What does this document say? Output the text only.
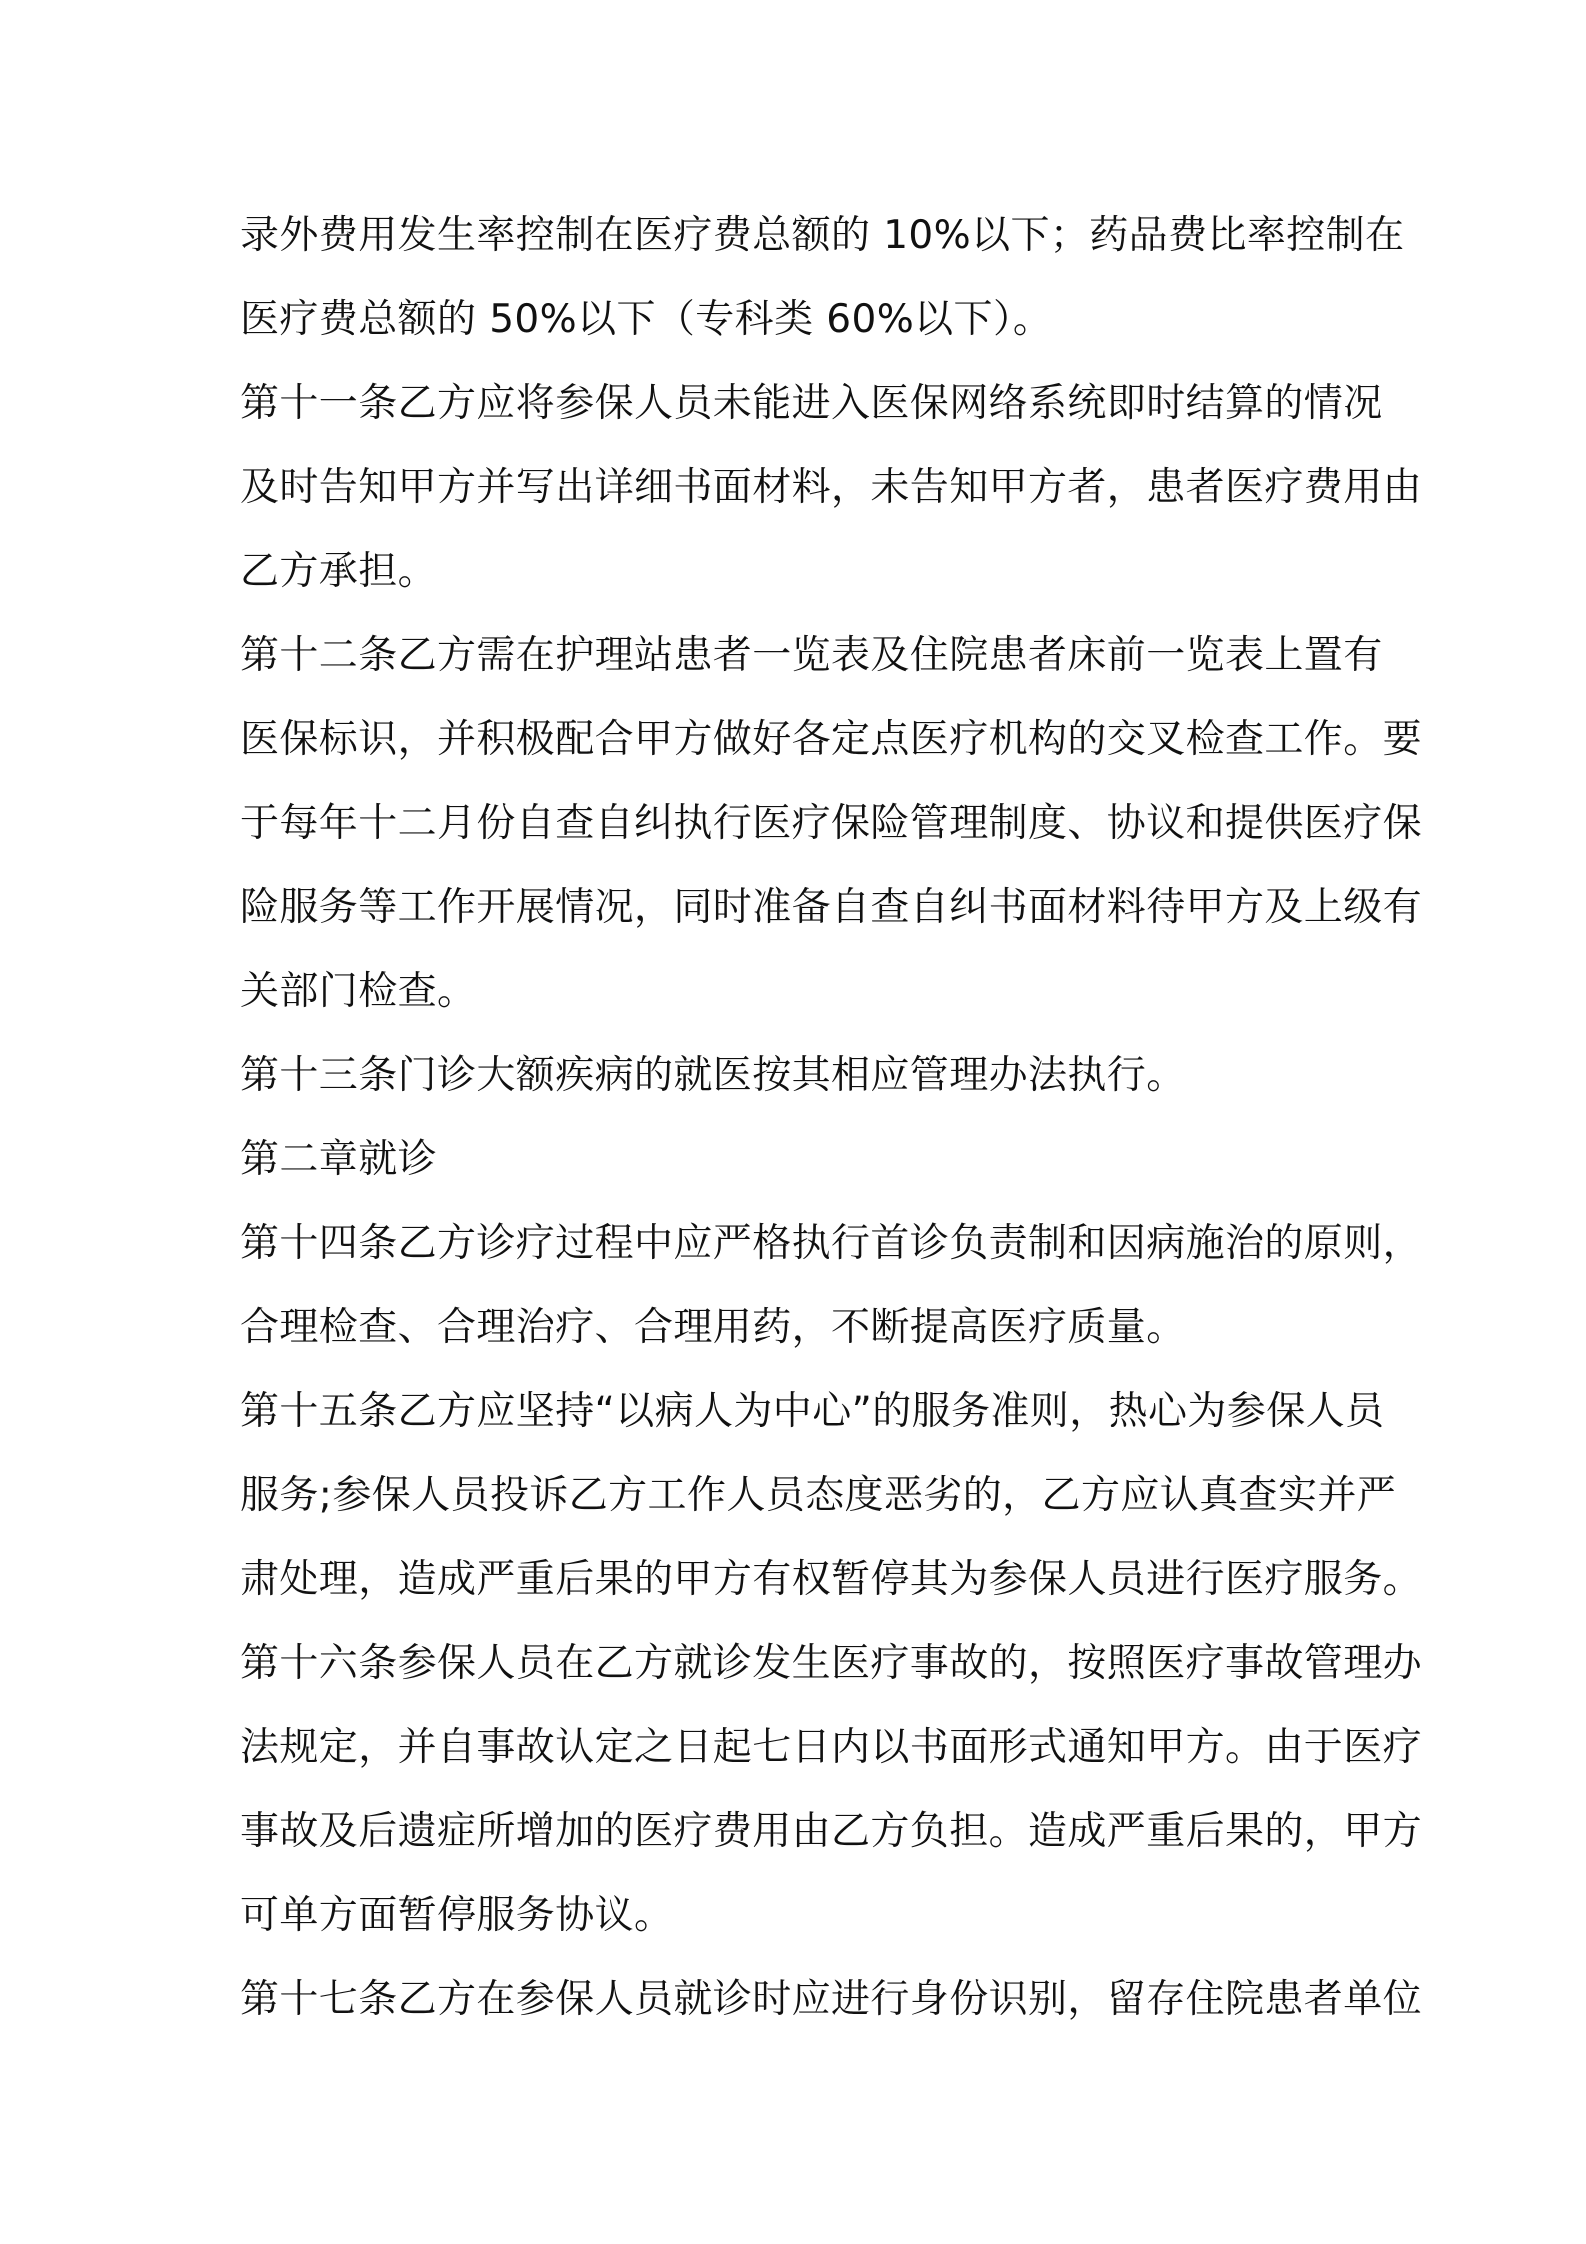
录外费用发生率控制在医疗费总额的 10%以下；药品费比率控制在
医疗费总额的 50%以下（专科类 60%以下）。
第十一条乙方应将参保人员未能进入医保网络系统即时结算的情况
及时告知甲方并写出详细书面材料，未告知甲方者，患者医疗费用由
乙方承担。
第十二条乙方需在护理站患者一览表及住院患者床前一览表上置有
医保标识，并积极配合甲方做好各定点医疗机构的交叉检查工作。要
于每年十二月份自查自纠执行医疗保险管理制度、协议和提供医疗保
险服务等工作开展情况，同时准备自查自纠书面材料待甲方及上级有
关部门检查。
第十三条门诊大额疾病的就医按其相应管理办法执行。
第二章就诊
第十四条乙方诊疗过程中应严格执行首诊负责制和因病施治的原则，
合理检查、合理治疗、合理用药，不断提高医疗质量。
第十五条乙方应坚持“以病人为中心”的服务准则，热心为参保人员
服务;参保人员投诉乙方工作人员态度恶劣的，乙方应认真查实并严
肃处理，造成严重后果的甲方有权暂停其为参保人员进行医疗服务。
第十六条参保人员在乙方就诊发生医疗事故的，按照医疗事故管理办
法规定，并自事故认定之日起七日内以书面形式通知甲方。由于医疗
事故及后遗症所增加的医疗费用由乙方负担。造成严重后果的，甲方
可单方面暂停服务协议。
第十七条乙方在参保人员就诊时应进行身份识别，留存住院患者单位
